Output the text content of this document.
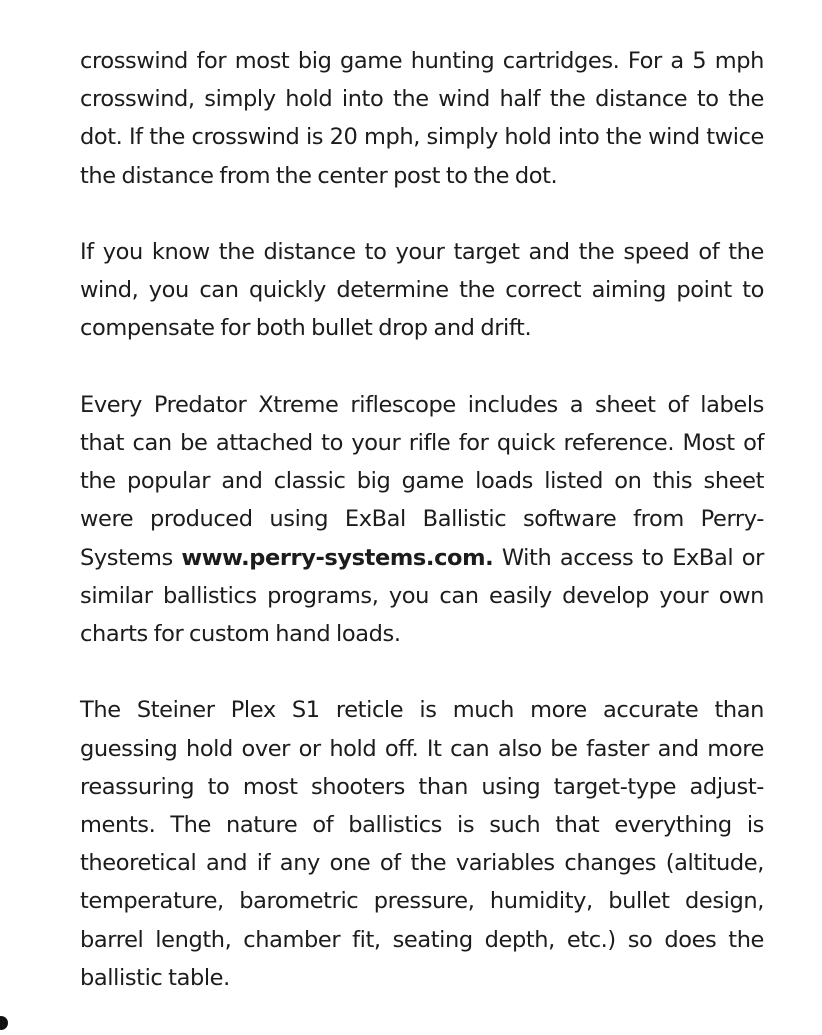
crosswind for most big game hunting cartridges. For a 5 mph crosswind, simply hold into the wind half the distance to the dot. If the crosswind is 20 mph, simply hold into the wind twice the distance from the center post to the dot.

If you know the distance to your target and the speed of the wind, you can quickly determine the correct aiming point to compensate for both bullet drop and drift.

Every Predator Xtreme riflescope includes a sheet of labels that can be attached to your rifle for quick reference. Most of the popular and classic big game loads listed on this sheet were produced using ExBal Ballistic software from Perry-Systems www.perry-systems.com. With access to ExBal or similar ballistics programs, you can easily develop your own charts for custom hand loads.

The Steiner Plex S1 reticle is much more accurate than guessing hold over or hold off. It can also be faster and more reassuring to most shooters than using target-type adjust-ments. The nature of ballistics is such that everything is theoretical and if any one of the variables changes (altitude, temperature, barometric pressure, humidity, bullet design, barrel length, chamber fit, seating depth, etc.) so does the ballistic table.
